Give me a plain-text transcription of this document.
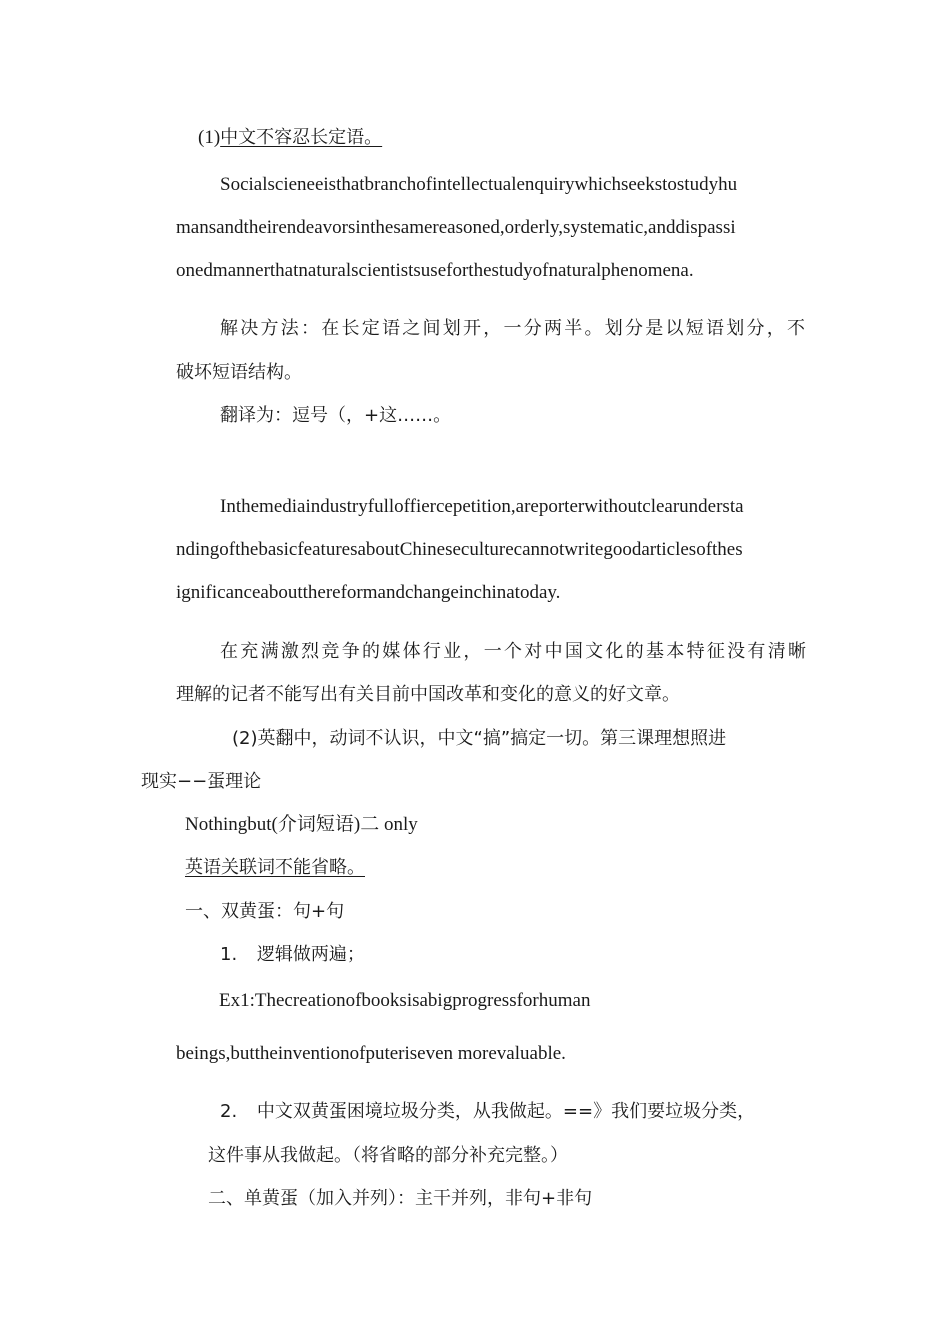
(1)中文不容忍长定语。
Socialscieneeisthatbranchofintellectualenquirywhichseekstostudyhu
mansandtheirendeavorsinthesamereasoned,orderly,systematic,anddispassi
onedmannerthatnaturalscientistsuseforthestudyofnaturalphenomena.
解决方法：在长定语之间划开，一分两半。划分是以短语划分，不
破坏短语结构。
翻译为：逗号（，+这……。
Inthemediaindustryfulloffiercepetition,areporterwithoutclearundersta
ndingofthebasicfeaturesaboutChineseculturecannotwritegoodarticlesofthes
ignificanceaboutthereformandchangeinchinatoday.
在充满激烈竞争的媒体行业，一个对中国文化的基本特征没有清晰
理解的记者不能写出有关目前中国改革和变化的意义的好文章。
(2)英翻中，动词不认识，中文“搞”搞定一切。第三课理想照进
现实−−蛋理论
Nothingbut(介词短语)二 only
英语关联词不能省略。
一、双黄蛋：句+句
1. 逻辑做两遍；
Ex1:Thecreationofbooksisabigprogressforhuman
beings,buttheinventionofputeriseven morevaluable.
2. 中文双黄蛋困境垃圾分类，从我做起。==》我们要垃圾分类，
这件事从我做起。（将省略的部分补充完整。）
二、单黄蛋（加入并列）：主干并列，非句+非句
